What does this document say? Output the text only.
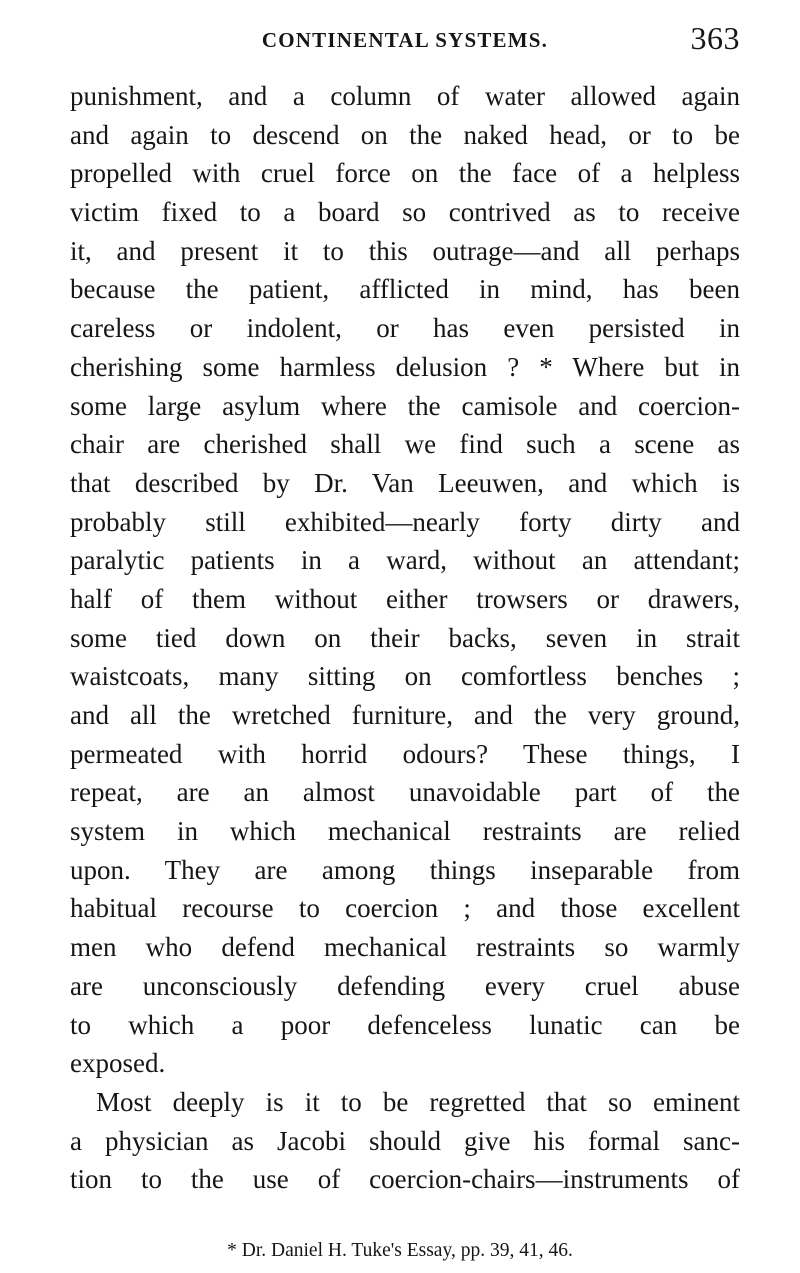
CONTINENTAL SYSTEMS.	363
punishment, and a column of water allowed again
and again to descend on the naked head, or to be
propelled with cruel force on the face of a helpless
victim fixed to a board so contrived as to receive
it, and present it to this outrage—and all perhaps
because the patient, afflicted in mind, has been
careless or indolent, or has even persisted in
cherishing some harmless delusion ? * Where but in
some large asylum where the camisole and coercion-
chair are cherished shall we find such a scene as
that described by Dr. Van Leeuwen, and which is
probably still exhibited—nearly forty dirty and
paralytic patients in a ward, without an attendant;
half of them without either trowsers or drawers,
some tied down on their backs, seven in strait
waistcoats, many sitting on comfortless benches ;
and all the wretched furniture, and the very ground,
permeated with horrid odours? These things, I
repeat, are an almost unavoidable part of the
system in which mechanical restraints are relied
upon. They are among things inseparable from
habitual recourse to coercion ; and those excellent
men who defend mechanical restraints so warmly
are unconsciously defending every cruel abuse
to which a poor defenceless lunatic can be
exposed.
Most deeply is it to be regretted that so eminent
a physician as Jacobi should give his formal sanc-
tion to the use of coercion-chairs—instruments of
* Dr. Daniel H. Tuke's Essay, pp. 39, 41, 46.
